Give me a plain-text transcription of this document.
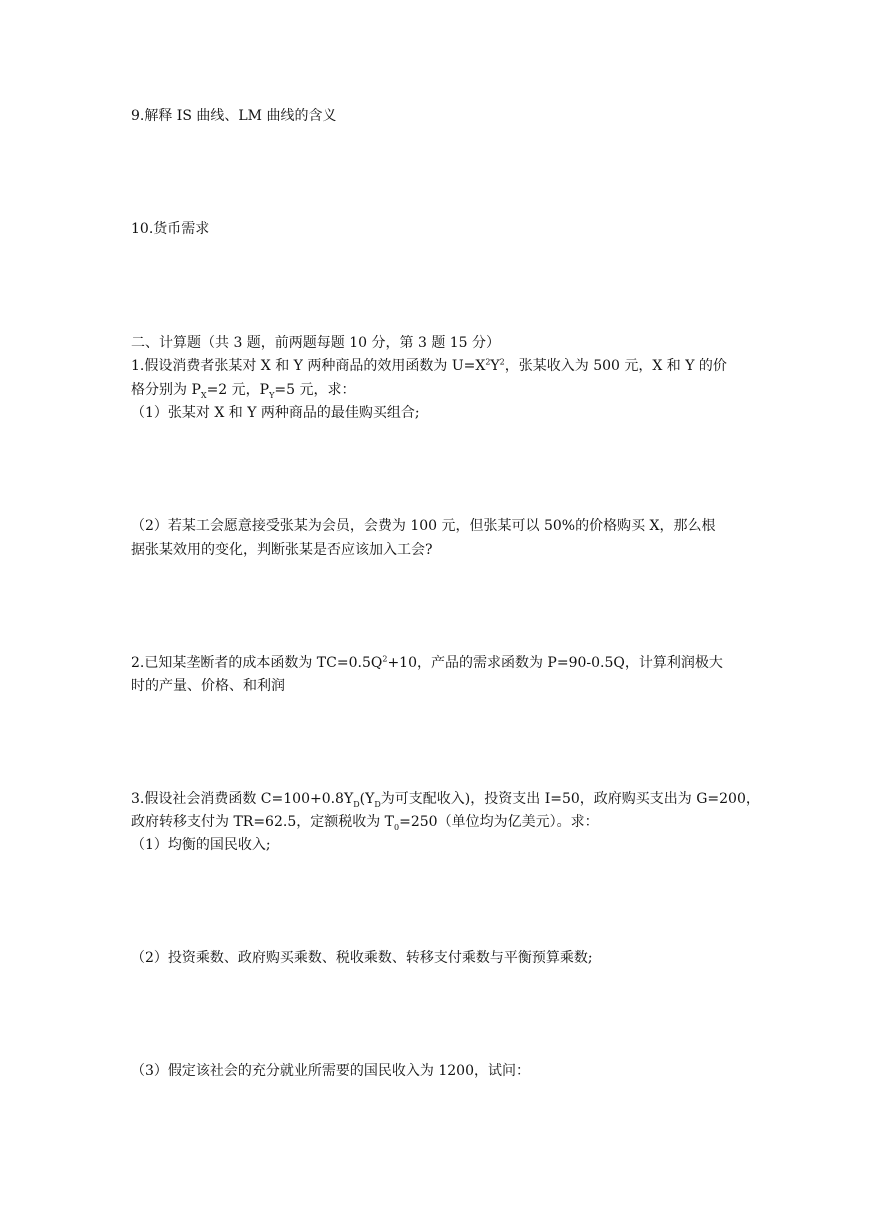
9.解释 IS 曲线、LM 曲线的含义
10.货币需求
二、计算题（共 3 题，前两题每题 10 分，第 3 题 15 分）
1.假设消费者张某对 X 和 Y 两种商品的效用函数为 $U=X^2Y^2$，张某收入为 500 元，X 和 Y 的价
格分别为 $P_X=2$ 元，$P_Y=5$ 元，求：
（1）张某对 X 和 Y 两种商品的最佳购买组合;
（2）若某工会愿意接受张某为会员，会费为 100 元，但张某可以 50%的价格购买 X，那么根
据张某效用的变化，判断张某是否应该加入工会?
2.已知某垄断者的成本函数为 $TC=0.5Q^2+10$，产品的需求函数为 P=90-0.5Q，计算利润极大
时的产量、价格、和利润
3.假设社会消费函数 $C=100+0.8Y_D(Y_D$为可支配收入)，投资支出 I=50，政府购买支出为 G=200，
政府转移支付为 TR=62.5，定额税收为 $T_0=250$（单位均为亿美元）。求：
（1）均衡的国民收入;
（2）投资乘数、政府购买乘数、税收乘数、转移支付乘数与平衡预算乘数;
（3）假定该社会的充分就业所需要的国民收入为 1200，试问：
